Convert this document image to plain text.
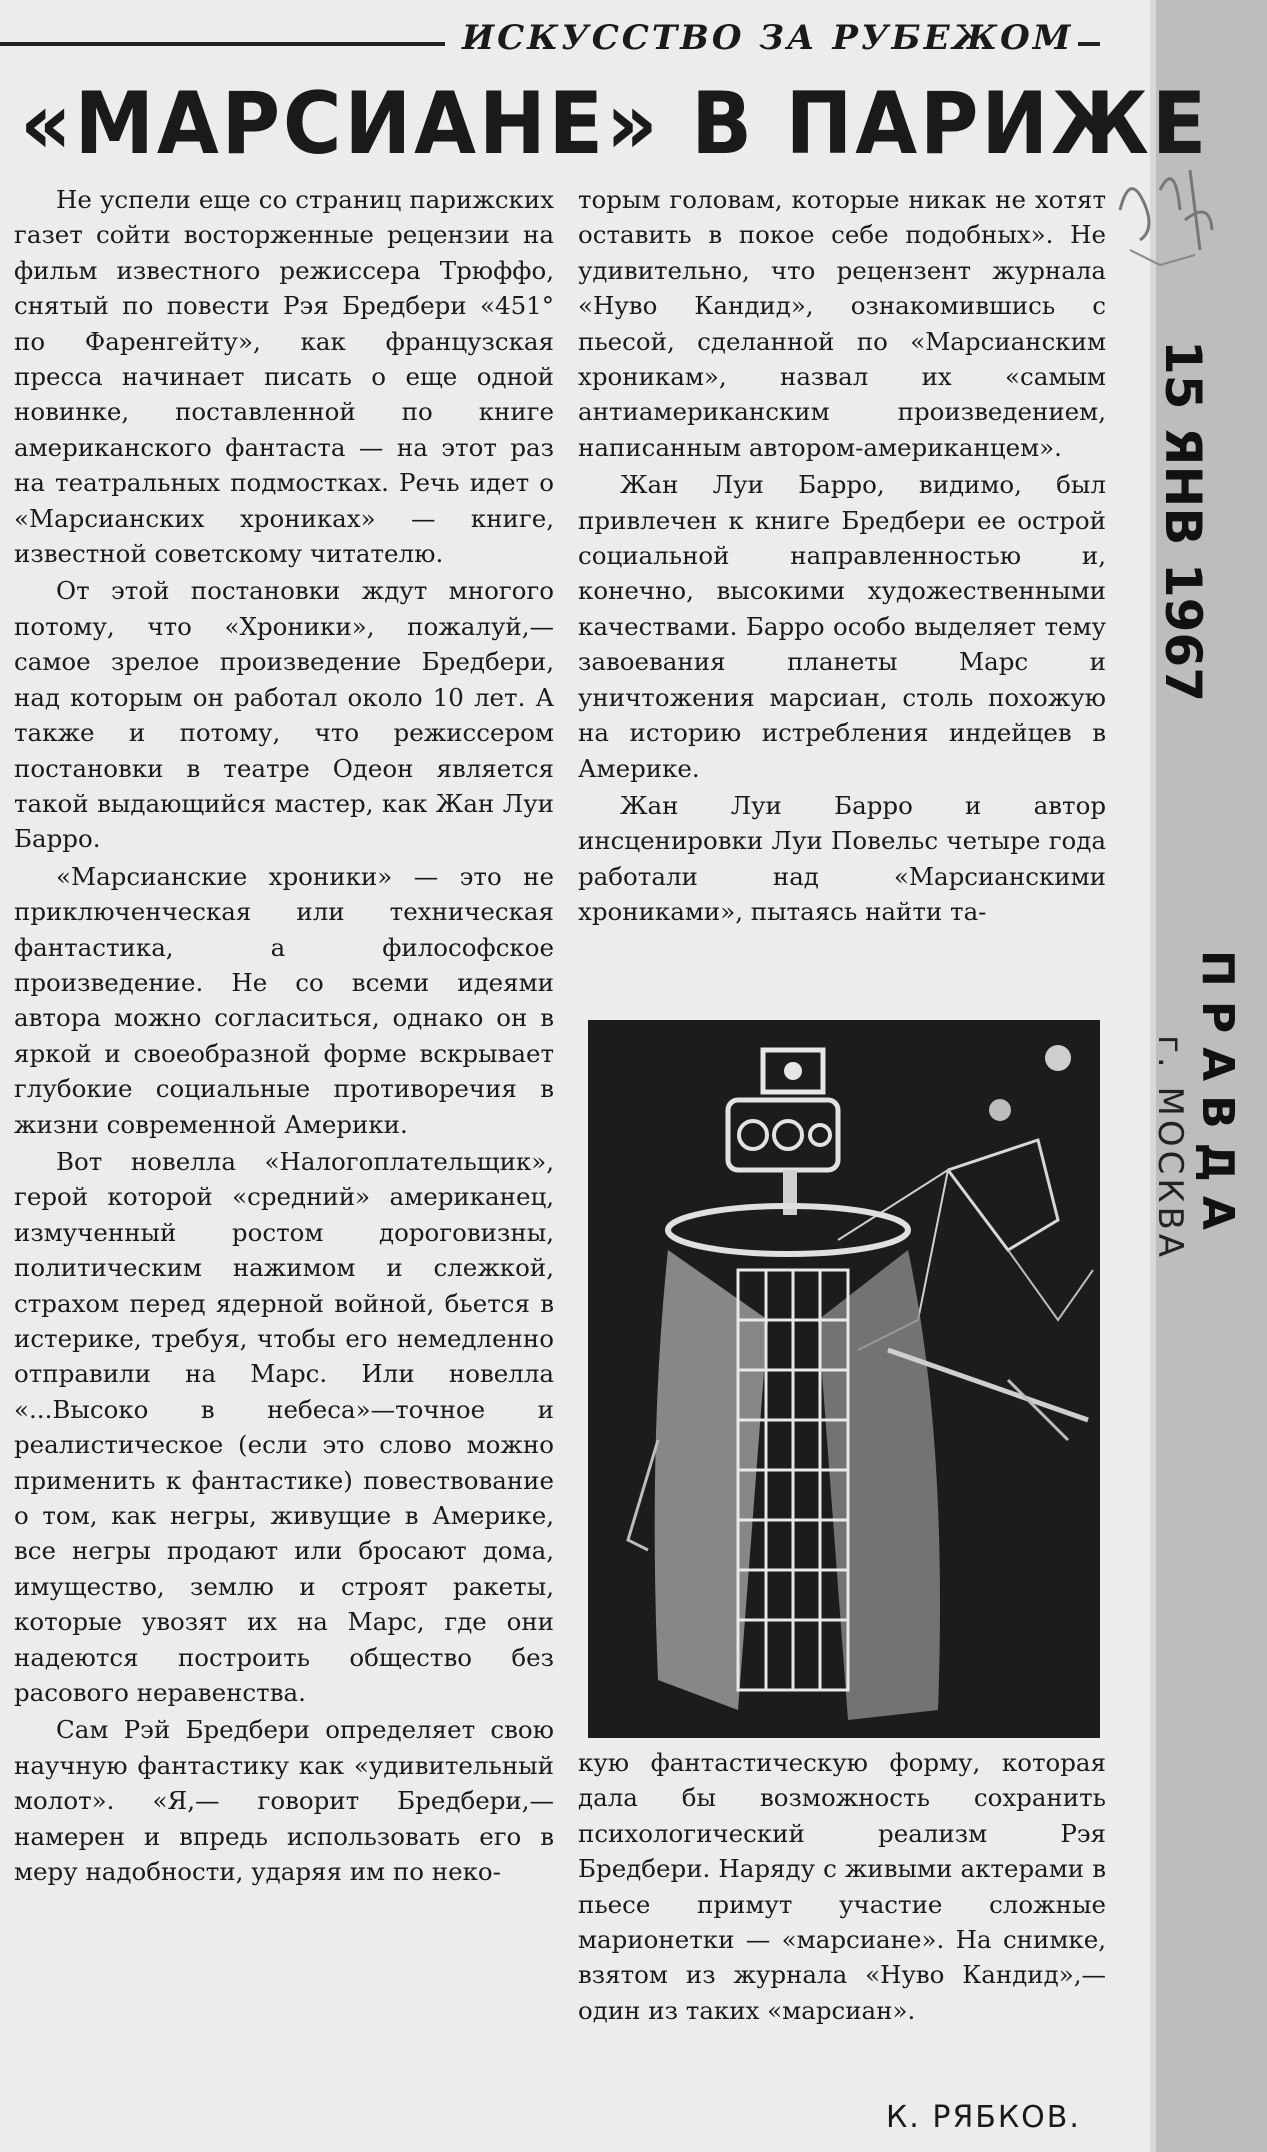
ИСКУССТВО ЗА РУБЕЖОМ
«МАРСИАНЕ» В ПАРИЖЕ

Не успели еще со страниц парижских газет сойти восторженные рецензии на фильм известного режиссера Трюффо, снятый по повести Рэя Бредбери «451° по Фаренгейту», как французская пресса начинает писать о еще одной новинке, поставленной по книге американского фантаста — на этот раз на театральных подмостках. Речь идет о «Марсианских хрониках» — книге, известной советскому читателю.

От этой постановки ждут многого потому, что «Хроники», пожалуй,—самое зрелое произведение Бредбери, над которым он работал около 10 лет. А также и потому, что режиссером постановки в театре Одеон является такой выдающийся мастер, как Жан Луи Барро.

«Марсианские хроники» — это не приключенческая или техническая фантастика, а философское произведение. Не со всеми идеями автора можно согласиться, однако он в яркой и своеобразной форме вскрывает глубокие социальные противоречия в жизни современной Америки.

Вот новелла «Налогоплательщик», герой которой «средний» американец, измученный ростом дороговизны, политическим нажимом и слежкой, страхом перед ядерной войной, бьется в истерике, требуя, чтобы его немедленно отправили на Марс. Или новелла «...Высоко в небеса»—точное и реалистическое (если это слово можно применить к фантастике) повествование о том, как негры, живущие в Америке, все негры продают или бросают дома, имущество, землю и строят ракеты, которые увозят их на Марс, где они надеются построить общество без расового неравенства.

Сам Рэй Бредбери определяет свою научную фантастику как «удивительный молот». «Я,— говорит Бредбери,— намерен и впредь использовать его в меру надобности, ударяя им по неко-

торым головам, которые никак не хотят оставить в покое себе подобных». Не удивительно, что рецензент журнала «Нуво Кандид», ознакомившись с пьесой, сделанной по «Марсианским хроникам», назвал их «самым антиамериканским произведением, написанным автором-американцем».

Жан Луи Барро, видимо, был привлечен к книге Бредбери ее острой социальной направленностью и, конечно, высокими художественными качествами. Барро особо выделяет тему завоевания планеты Марс и уничтожения марсиан, столь похожую на историю истребления индейцев в Америке.

Жан Луи Барро и автор инсценировки Луи Повельс четыре года работали над «Марсианскими хрониками», пытаясь найти та-

кую фантастическую форму, которая дала бы возможность сохранить психологический реализм Рэя Бредбери. Наряду с живыми актерами в пьесе примут участие сложные марионетки — «марсиане». На снимке, взятом из журнала «Нуво Кандид»,—один из таких «марсиан».

К. РЯБКОВ.
15 ЯНВ 1967
ПРАВДА
г. МОСКВА
